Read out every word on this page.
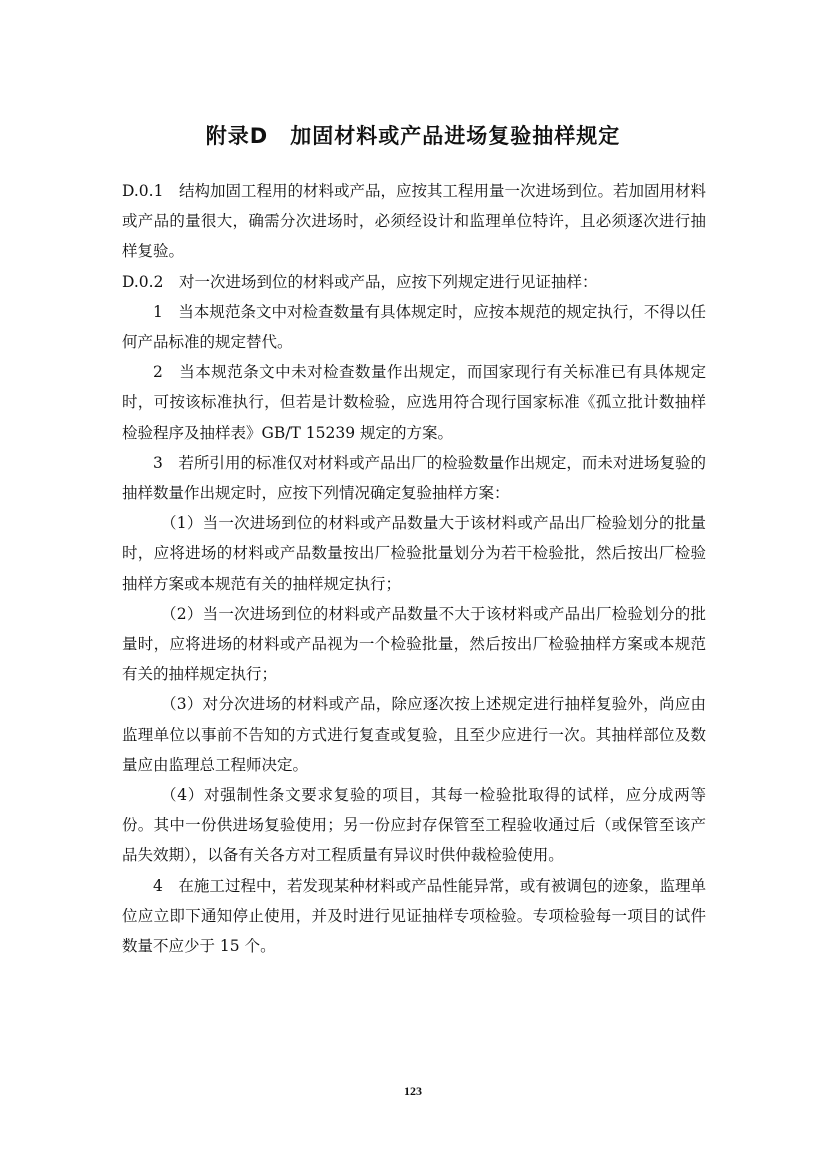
附录D　加固材料或产品进场复验抽样规定

D.0.1　结构加固工程用的材料或产品，应按其工程用量一次进场到位。若加固用材料或产品的量很大，确需分次进场时，必须经设计和监理单位特许，且必须逐次进行抽样复验。

D.0.2　对一次进场到位的材料或产品，应按下列规定进行见证抽样：

1　当本规范条文中对检查数量有具体规定时，应按本规范的规定执行，不得以任何产品标准的规定替代。

2　当本规范条文中未对检查数量作出规定，而国家现行有关标准已有具体规定时，可按该标准执行，但若是计数检验，应选用符合现行国家标准《孤立批计数抽样检验程序及抽样表》GB/T 15239 规定的方案。

3　若所引用的标准仅对材料或产品出厂的检验数量作出规定，而未对进场复验的抽样数量作出规定时，应按下列情况确定复验抽样方案：

（1）当一次进场到位的材料或产品数量大于该材料或产品出厂检验划分的批量时，应将进场的材料或产品数量按出厂检验批量划分为若干检验批，然后按出厂检验抽样方案或本规范有关的抽样规定执行；

（2）当一次进场到位的材料或产品数量不大于该材料或产品出厂检验划分的批量时，应将进场的材料或产品视为一个检验批量，然后按出厂检验抽样方案或本规范有关的抽样规定执行；

（3）对分次进场的材料或产品，除应逐次按上述规定进行抽样复验外，尚应由监理单位以事前不告知的方式进行复查或复验，且至少应进行一次。其抽样部位及数量应由监理总工程师决定。

（4）对强制性条文要求复验的项目，其每一检验批取得的试样，应分成两等份。其中一份供进场复验使用；另一份应封存保管至工程验收通过后（或保管至该产品失效期），以备有关各方对工程质量有异议时供仲裁检验使用。

4　在施工过程中，若发现某种材料或产品性能异常，或有被调包的迹象，监理单位应立即下通知停止使用，并及时进行见证抽样专项检验。专项检验每一项目的试件数量不应少于 15 个。

123
